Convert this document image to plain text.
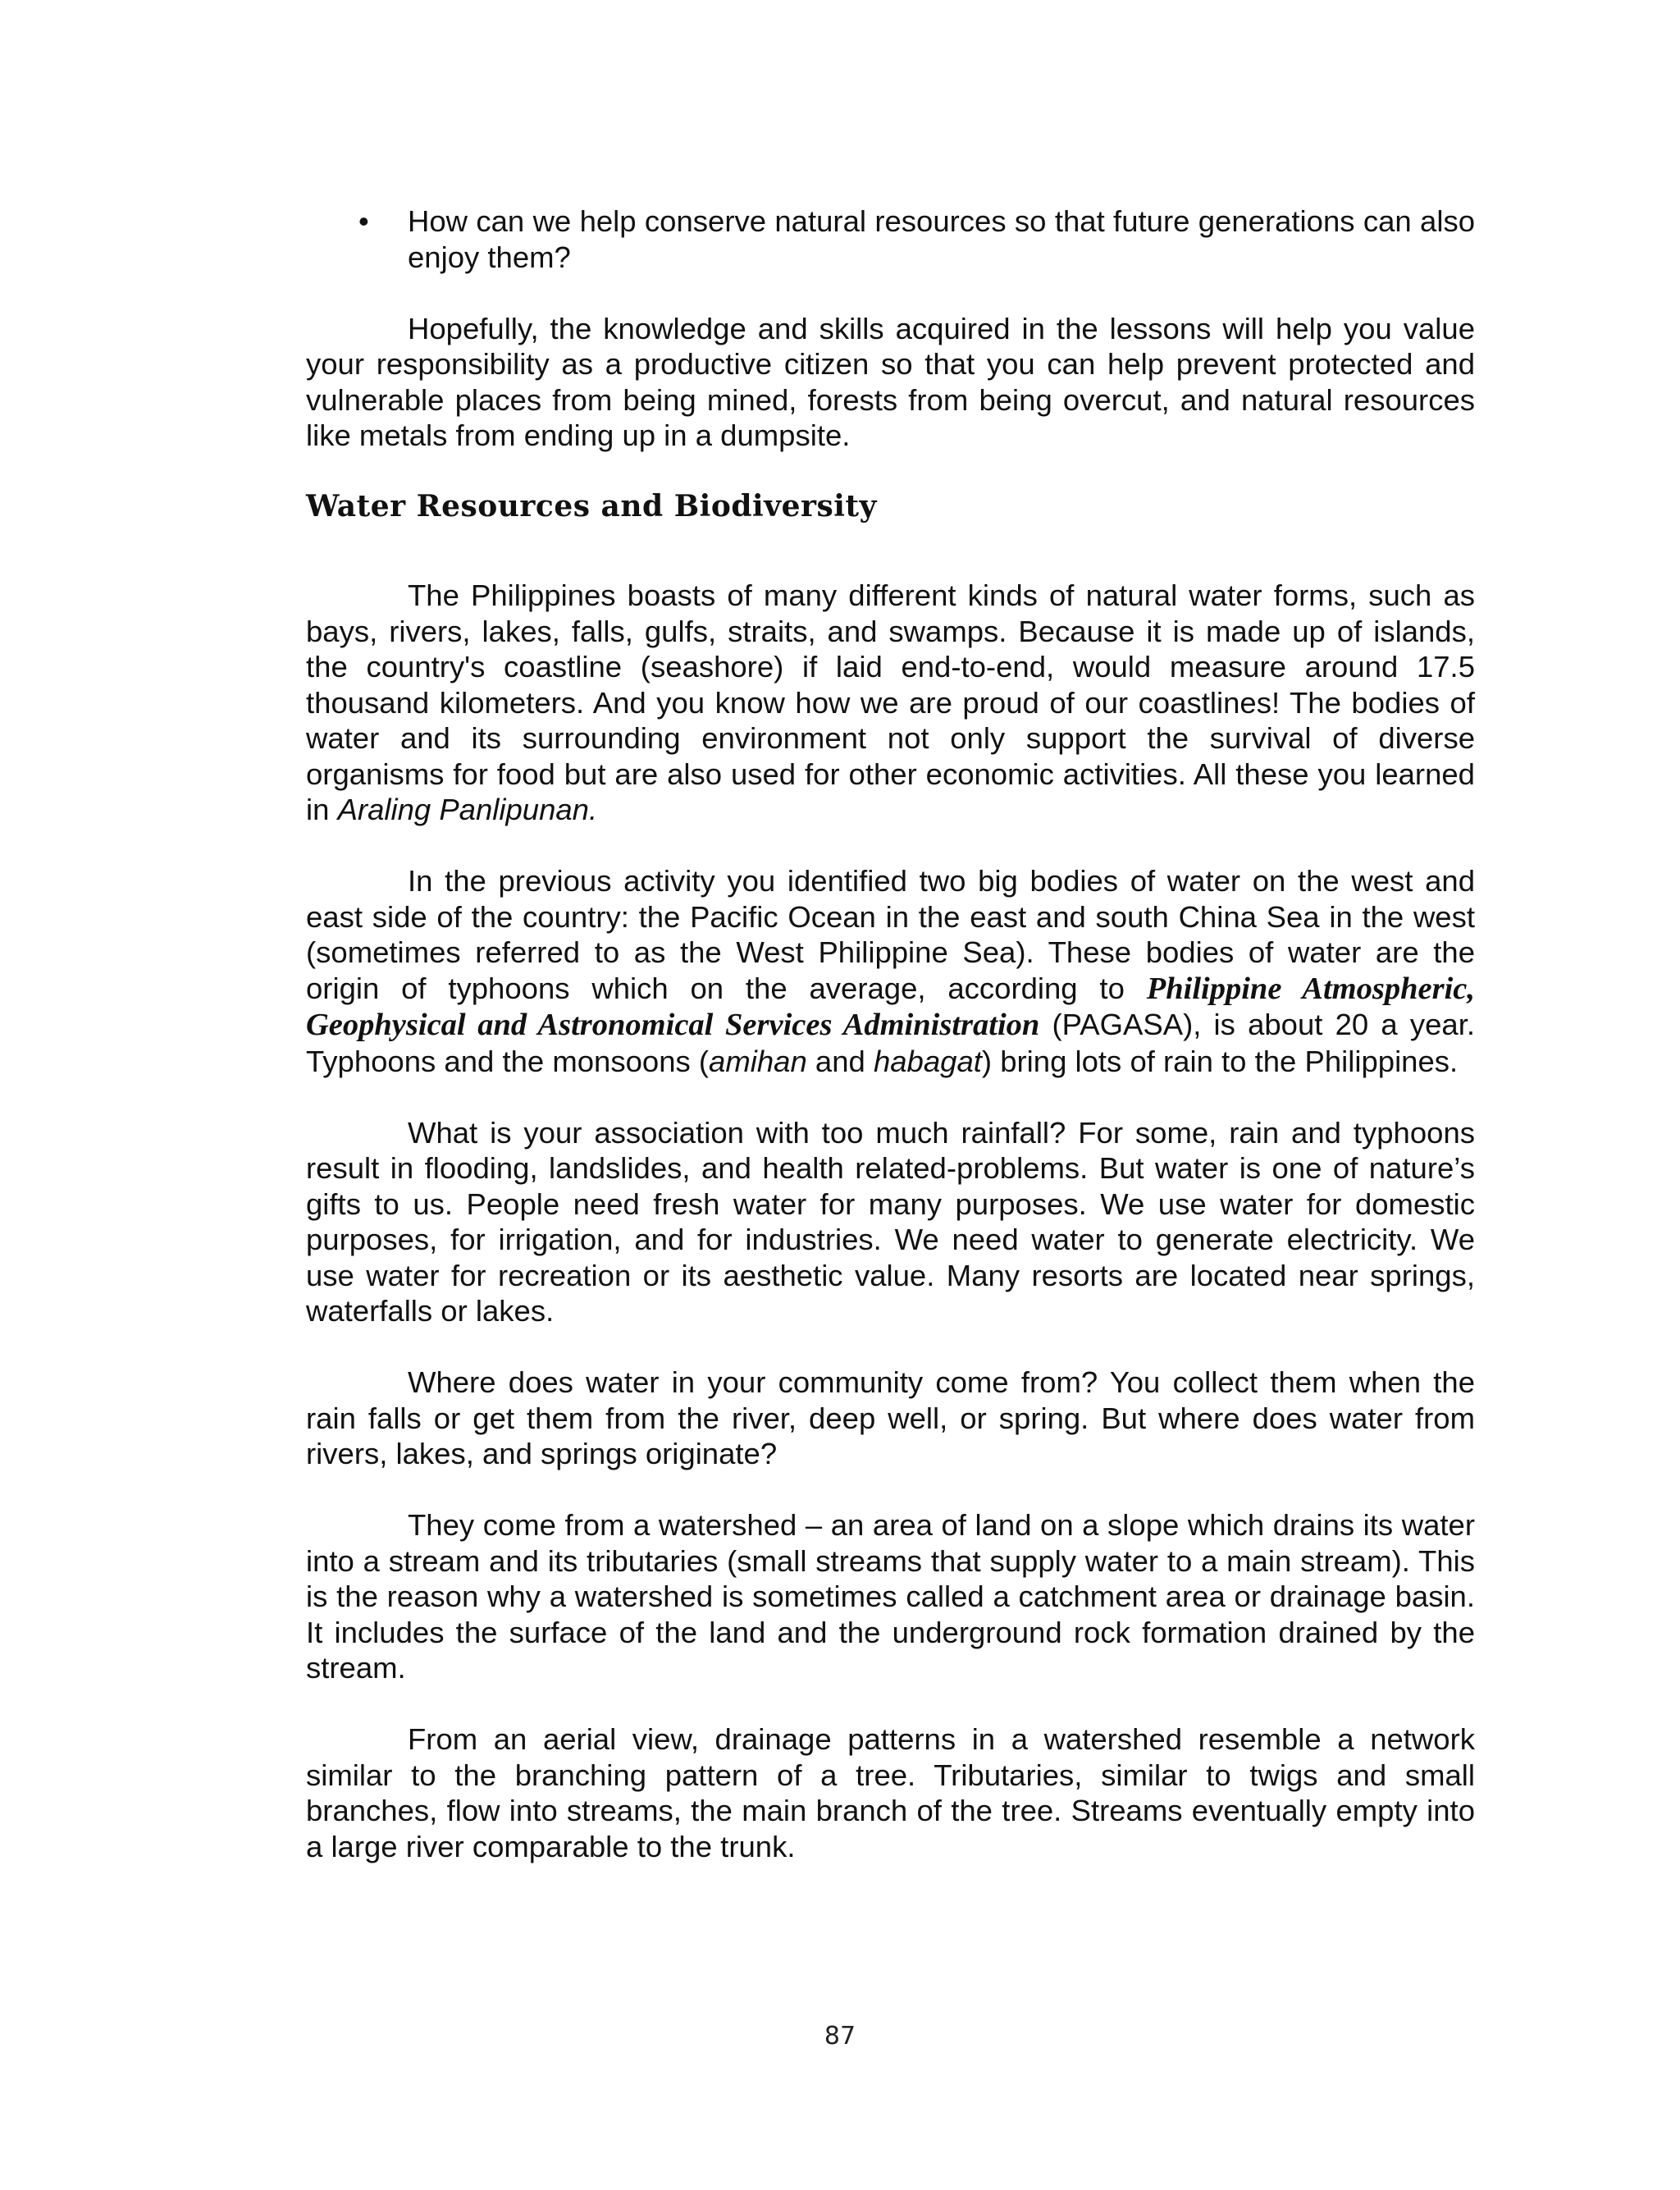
• How can we help conserve natural resources so that future generations can also enjoy them?

Hopefully, the knowledge and skills acquired in the lessons will help you value your responsibility as a productive citizen so that you can help prevent protected and vulnerable places from being mined, forests from being overcut, and natural resources like metals from ending up in a dumpsite.

Water Resources and Biodiversity

The Philippines boasts of many different kinds of natural water forms, such as bays, rivers, lakes, falls, gulfs, straits, and swamps. Because it is made up of islands, the country's coastline (seashore) if laid end-to-end, would measure around 17.5 thousand kilometers. And you know how we are proud of our coastlines! The bodies of water and its surrounding environment not only support the survival of diverse organisms for food but are also used for other economic activities. All these you learned in Araling Panlipunan.

In the previous activity you identified two big bodies of water on the west and east side of the country: the Pacific Ocean in the east and south China Sea in the west (sometimes referred to as the West Philippine Sea). These bodies of water are the origin of typhoons which on the average, according to Philippine Atmospheric, Geophysical and Astronomical Services Administration (PAGASA), is about 20 a year. Typhoons and the monsoons (amihan and habagat) bring lots of rain to the Philippines.

What is your association with too much rainfall? For some, rain and typhoons result in flooding, landslides, and health related-problems. But water is one of nature’s gifts to us. People need fresh water for many purposes. We use water for domestic purposes, for irrigation, and for industries. We need water to generate electricity. We use water for recreation or its aesthetic value. Many resorts are located near springs, waterfalls or lakes.

Where does water in your community come from? You collect them when the rain falls or get them from the river, deep well, or spring. But where does water from rivers, lakes, and springs originate?

They come from a watershed – an area of land on a slope which drains its water into a stream and its tributaries (small streams that supply water to a main stream). This is the reason why a watershed is sometimes called a catchment area or drainage basin. It includes the surface of the land and the underground rock formation drained by the stream.

From an aerial view, drainage patterns in a watershed resemble a network similar to the branching pattern of a tree. Tributaries, similar to twigs and small branches, flow into streams, the main branch of the tree. Streams eventually empty into a large river comparable to the trunk.

87
